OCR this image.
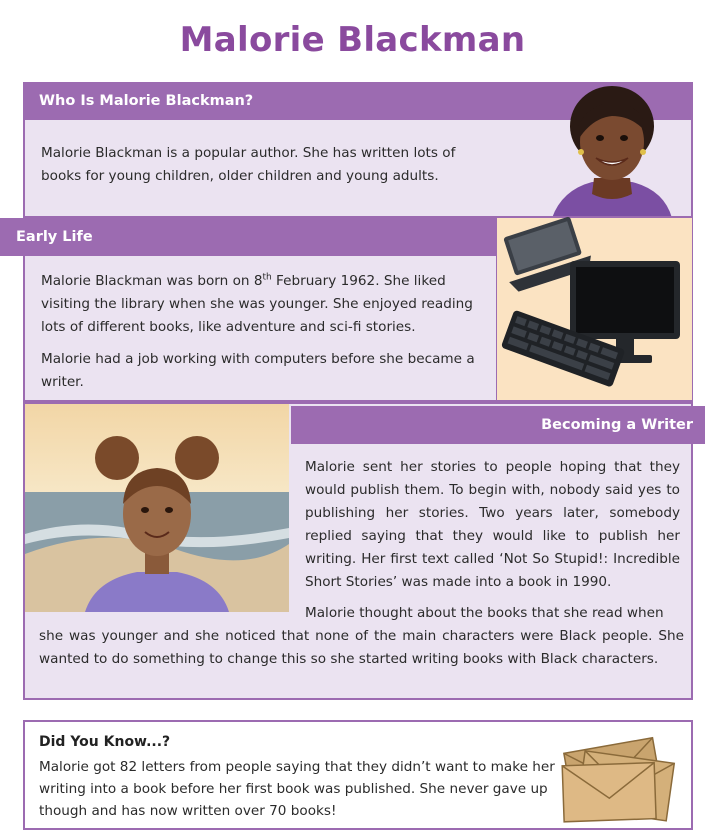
Malorie Blackman
Who Is Malorie Blackman?
Malorie Blackman is a popular author. She has written lots of books for young children, older children and young adults.
Early Life
Malorie Blackman was born on 8th February 1962. She liked visiting the library when she was younger. She enjoyed reading lots of different books, like adventure and sci-fi stories.
Malorie had a job working with computers before she became a writer.
Becoming a Writer
Malorie sent her stories to people hoping that they would publish them. To begin with, nobody said yes to publishing her stories. Two years later, somebody replied saying that they would like to publish her writing. Her first text called ‘Not So Stupid!: Incredible Short Stories’ was made into a book in 1990.
Malorie thought about the books that she read when
she was younger and she noticed that none of the main characters were Black people. She wanted to do something to change this so she started writing books with Black characters.
Did You Know...?
Malorie got 82 letters from people saying that they didn’t want to make her writing into a book before her first book was published. She never gave up though and has now written over 70 books!
